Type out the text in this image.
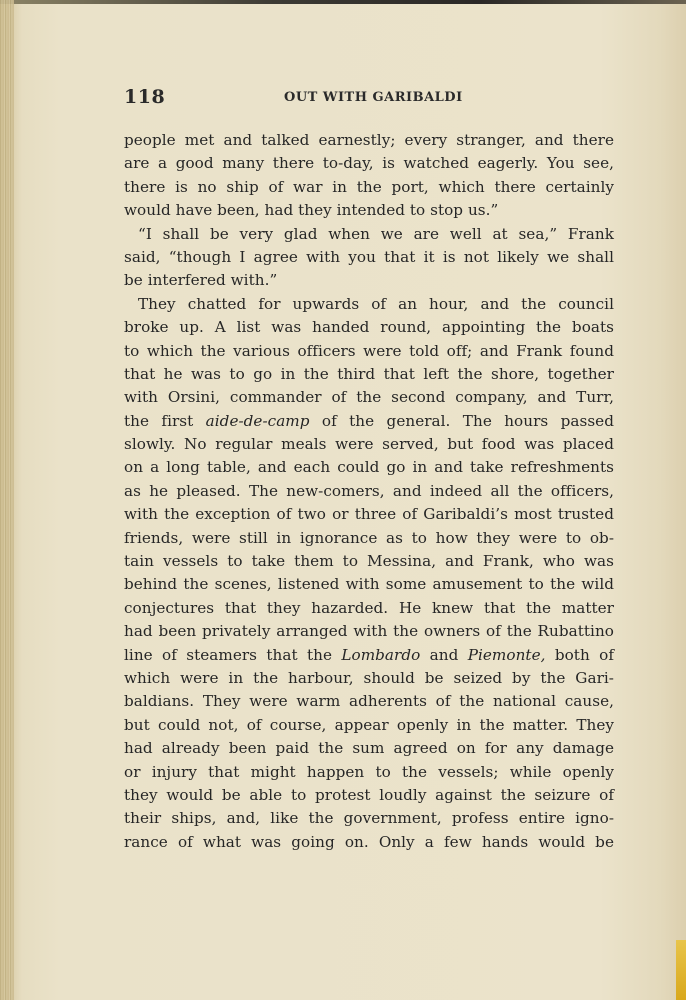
118	OUT WITH GARIBALDI
people met and talked earnestly; every stranger, and there
are a good many there to-day, is watched eagerly. You see,
there is no ship of war in the port, which there certainly
would have been, had they intended to stop us.”
“I shall be very glad when we are well at sea,” Frank
said, “though I agree with you that it is not likely we shall
be interfered with.”
They chatted for upwards of an hour, and the council
broke up. A list was handed round, appointing the boats
to which the various officers were told off; and Frank found
that he was to go in the third that left the shore, together
with Orsini, commander of the second company, and Turr,
the first aide-de-camp of the general. The hours passed
slowly. No regular meals were served, but food was placed
on a long table, and each could go in and take refreshments
as he pleased. The new-comers, and indeed all the officers,
with the exception of two or three of Garibaldi’s most trusted
friends, were still in ignorance as to how they were to ob-
tain vessels to take them to Messina, and Frank, who was
behind the scenes, listened with some amusement to the wild
conjectures that they hazarded. He knew that the matter
had been privately arranged with the owners of the Rubattino
line of steamers that the Lombardo and Piemonte, both of
which were in the harbour, should be seized by the Gari-
baldians. They were warm adherents of the national cause,
but could not, of course, appear openly in the matter. They
had already been paid the sum agreed on for any damage
or injury that might happen to the vessels; while openly
they would be able to protest loudly against the seizure of
their ships, and, like the government, profess entire igno-
rance of what was going on. Only a few hands would be
